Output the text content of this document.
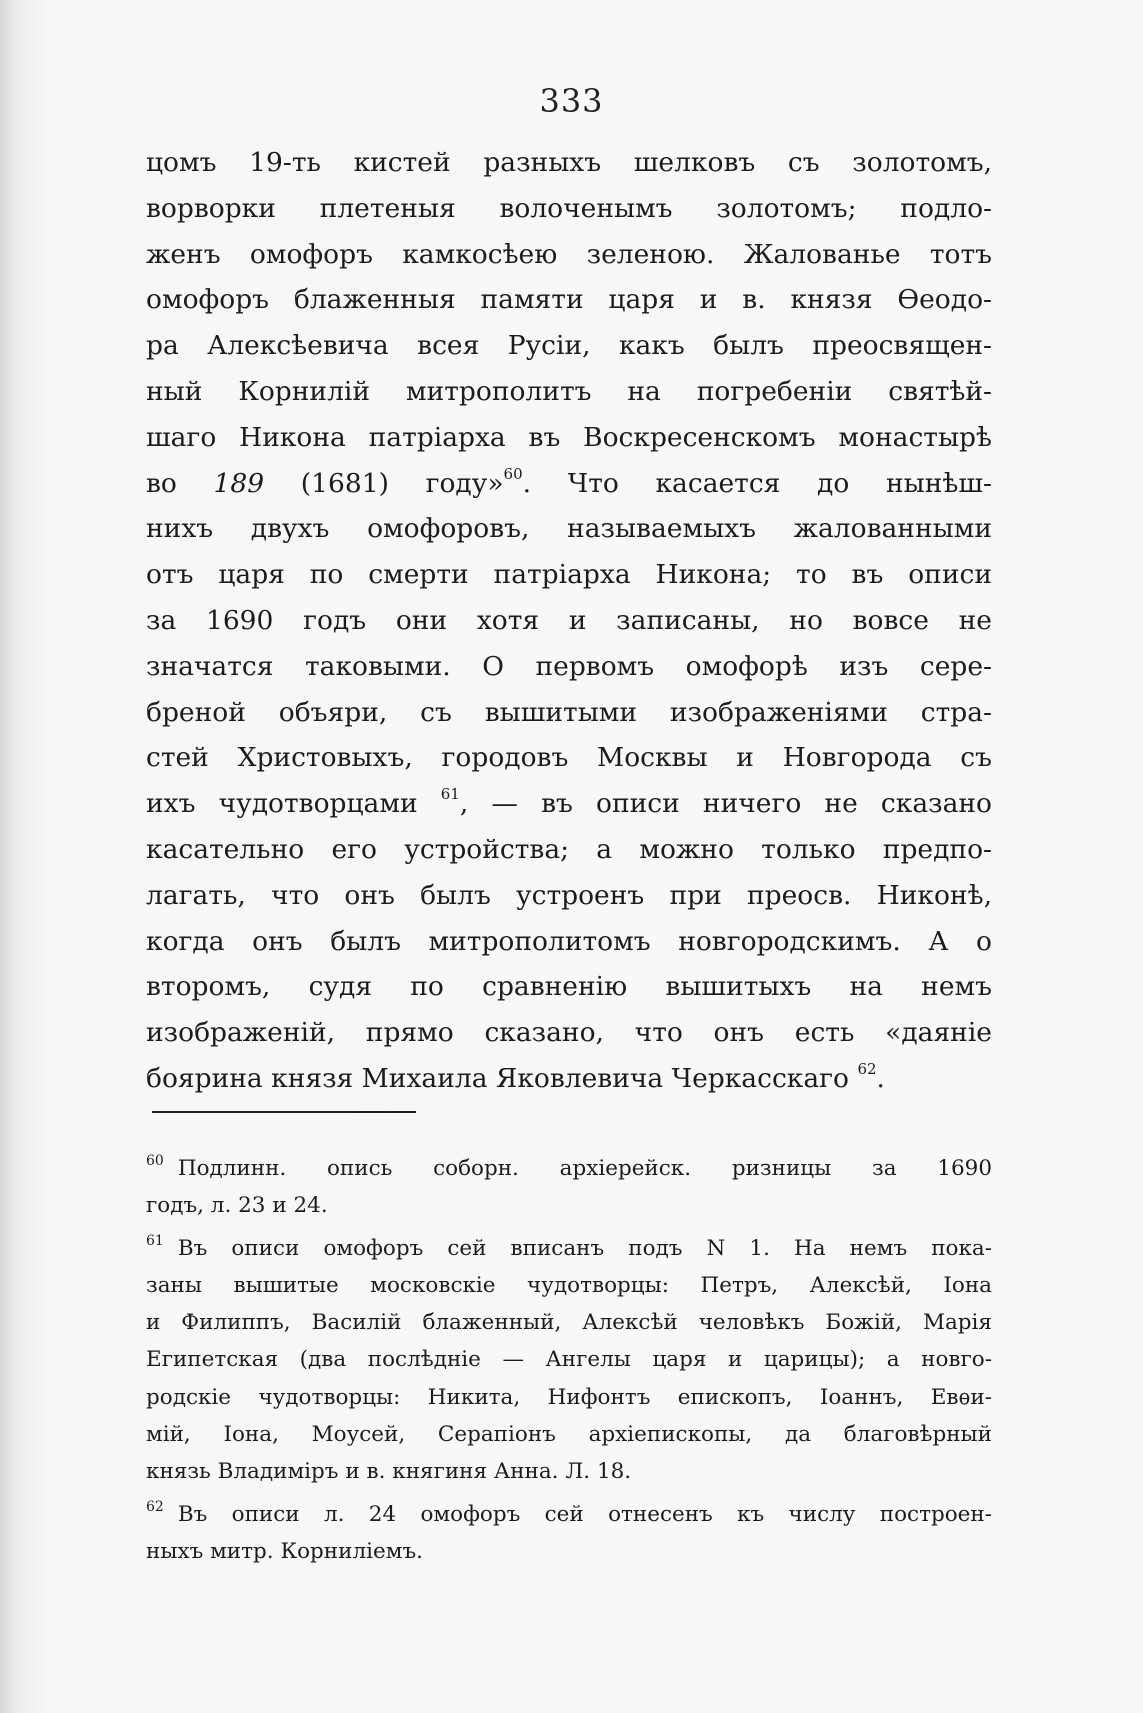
333
цомъ 19-ть кистей разныхъ шелковъ съ золотомъ,
ворворки плетеныя волоченымъ золотомъ; подло-
женъ омофоръ камкосѣею зеленою. Жалованье тотъ
омофоръ блаженныя памяти царя и в. князя Ѳеодо-
ра Алексѣевича всея Русіи, какъ былъ преосвящен-
ный Корнилій митрополитъ на погребеніи святѣй-
шаго Никона патріарха въ Воскресенскомъ монастырѣ
во 189 (1681) году»$^{60}$. Что касается до нынѣш-
нихъ двухъ омофоровъ, называемыхъ жалованными
отъ царя по смерти патріарха Никона; то въ описи
за 1690 годъ они хотя и записаны, но вовсе не
значатся таковыми. О первомъ омофорѣ изъ сере-
бреной объяри, съ вышитыми изображеніями стра-
стей Христовыхъ, городовъ Москвы и Новгорода съ
ихъ чудотворцами $^{61}$, — въ описи ничего не сказано
касательно его устройства; а можно только предпо-
лагать, что онъ былъ устроенъ при преосв. Никонѣ,
когда онъ былъ митрополитомъ новгородскимъ. А о
второмъ, судя по сравненію вышитыхъ на немъ
изображеній, прямо сказано, что онъ есть «даяніе
боярина князя Михаила Яковлевича Черкасскаго $^{62}$.
$^{60}$ Подлинн. опись соборн. архіерейск. ризницы за 1690
годъ, л. 23 и 24.
$^{61}$ Въ описи омофоръ сей вписанъ подъ N 1. На немъ пока-
заны вышитые московскіе чудотворцы: Петръ, Алексѣй, Іона
и Филиппъ, Василій блаженный, Алексѣй человѣкъ Божій, Марія
Египетская (два послѣдніе — Ангелы царя и царицы); а новго-
родскіе чудотворцы: Никита, Нифонтъ епископъ, Іоаннъ, Евѳи-
мій, Іона, Моусей, Серапіонъ архіепископы, да благовѣрный
князь Владиміръ и в. княгиня Анна. Л. 18.
$^{62}$ Въ описи л. 24 омофоръ сей отнесенъ къ числу построен-
ныхъ митр. Корниліемъ.
